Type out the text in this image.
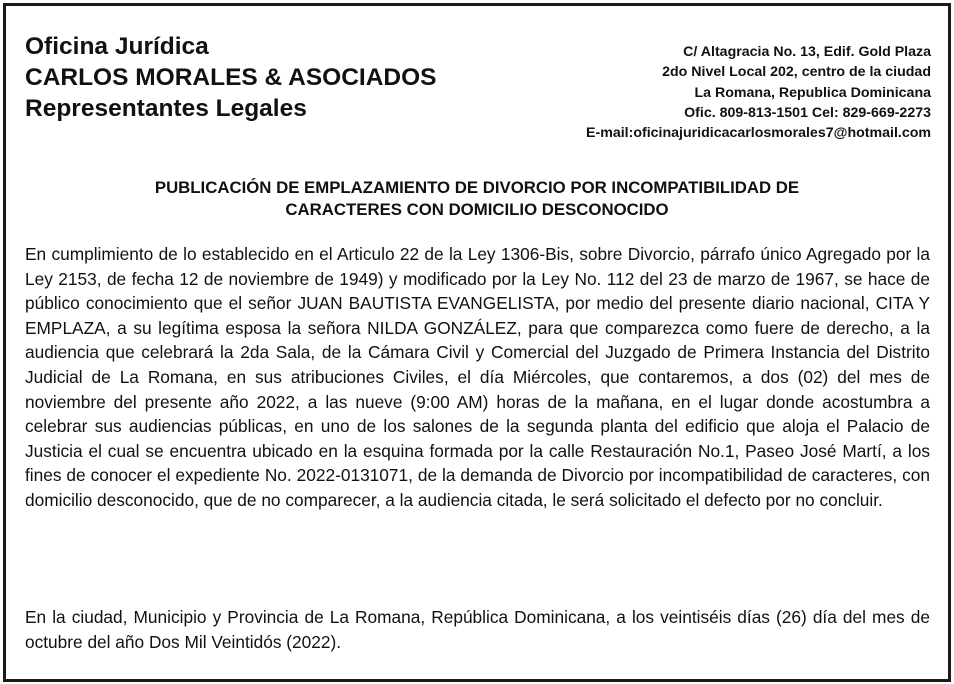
Oficina Jurídica
CARLOS MORALES & ASOCIADOS
Representantes Legales
C/ Altagracia No. 13, Edif. Gold Plaza
2do Nivel Local 202, centro de la ciudad
La Romana, Republica Dominicana
Ofic. 809-813-1501 Cel: 829-669-2273
E-mail:oficinajuridicacarlosmorales7@hotmail.com
PUBLICACIÓN DE EMPLAZAMIENTO DE DIVORCIO POR INCOMPATIBILIDAD DE
CARACTERES CON DOMICILIO DESCONOCIDO

En cumplimiento de lo establecido en el Articulo 22 de la Ley 1306-Bis, sobre Divorcio, párrafo único Agregado por la Ley 2153, de fecha 12 de noviembre de 1949) y modificado por la Ley No. 112 del 23 de marzo de 1967, se hace de público conocimiento que el señor JUAN BAUTISTA EVANGELISTA, por medio del presente diario nacional, CITA Y EMPLAZA, a su legítima esposa la señora NILDA GONZÁLEZ, para que comparezca como fuere de derecho, a la audiencia que celebrará la 2da Sala, de la Cámara Civil y Comercial del Juzgado de Primera Instancia del Distrito Judicial de La Romana, en sus atribuciones Civiles, el día Miércoles, que contaremos, a dos (02) del mes de noviembre del presente año 2022, a las nueve (9:00 AM) horas de la mañana, en el lugar donde acostumbra a celebrar sus audiencias públicas, en uno de los salones de la segunda planta del edificio que aloja el Palacio de Justicia el cual se encuentra ubicado en la esquina formada por la calle Restauración No.1, Paseo José Martí, a los fines de conocer el expediente No. 2022-0131071, de la demanda de Divorcio por incompatibilidad de caracteres, con domicilio desconocido, que de no comparecer, a la audiencia citada, le será solicitado el defecto por no concluir.

En la ciudad, Municipio y Provincia de La Romana, República Dominicana, a los veintiséis días (26) día del mes de octubre del año Dos Mil Veintidós (2022).
